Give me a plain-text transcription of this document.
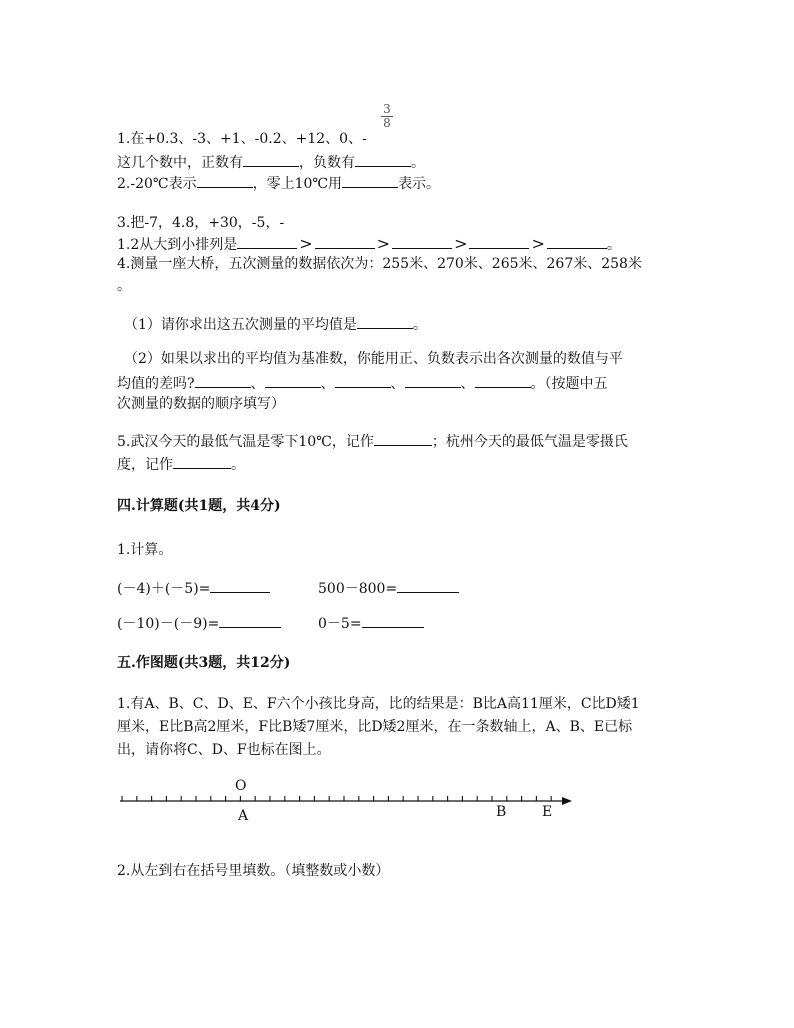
3
8
1.在+0.3、-3、+1、-0.2、+12、0、-
这几个数中，正数有	，负数有	。
2.-20℃表示	，零上10℃用	表示。
3.把-7，4.8，+30，-5，-
1.2从大到小排列是	>	>	>	>	。
4.测量一座大桥，五次测量的数据依次为：255米、270米、265米、267米、258米
。
（1）请你求出这五次测量的平均值是	。
（2）如果以求出的平均值为基准数，你能用正、负数表示出各次测量的数值与平
均值的差吗?	、	、	、	、	。（按题中五
次测量的数据的顺序填写）
5.武汉今天的最低气温是零下10℃，记作	；杭州今天的最低气温是零摄氏
度，记作	。
四.计算题(共1题，共4分)
1.计算。
(－4)＋(－5)=	500－800=
(－10)－(－9)=	0－5=
五.作图题(共3题，共12分)
1.有A、B、C、D、E、F六个小孩比身高，比的结果是：B比A高11厘米，C比D矮1
厘米，E比B高2厘米，F比B矮7厘米，比D矮2厘米，在一条数轴上，A、B、E已标
出，请你将C、D、F也标在图上。
O
A	B	E
2.从左到右在括号里填数。（填整数或小数）
